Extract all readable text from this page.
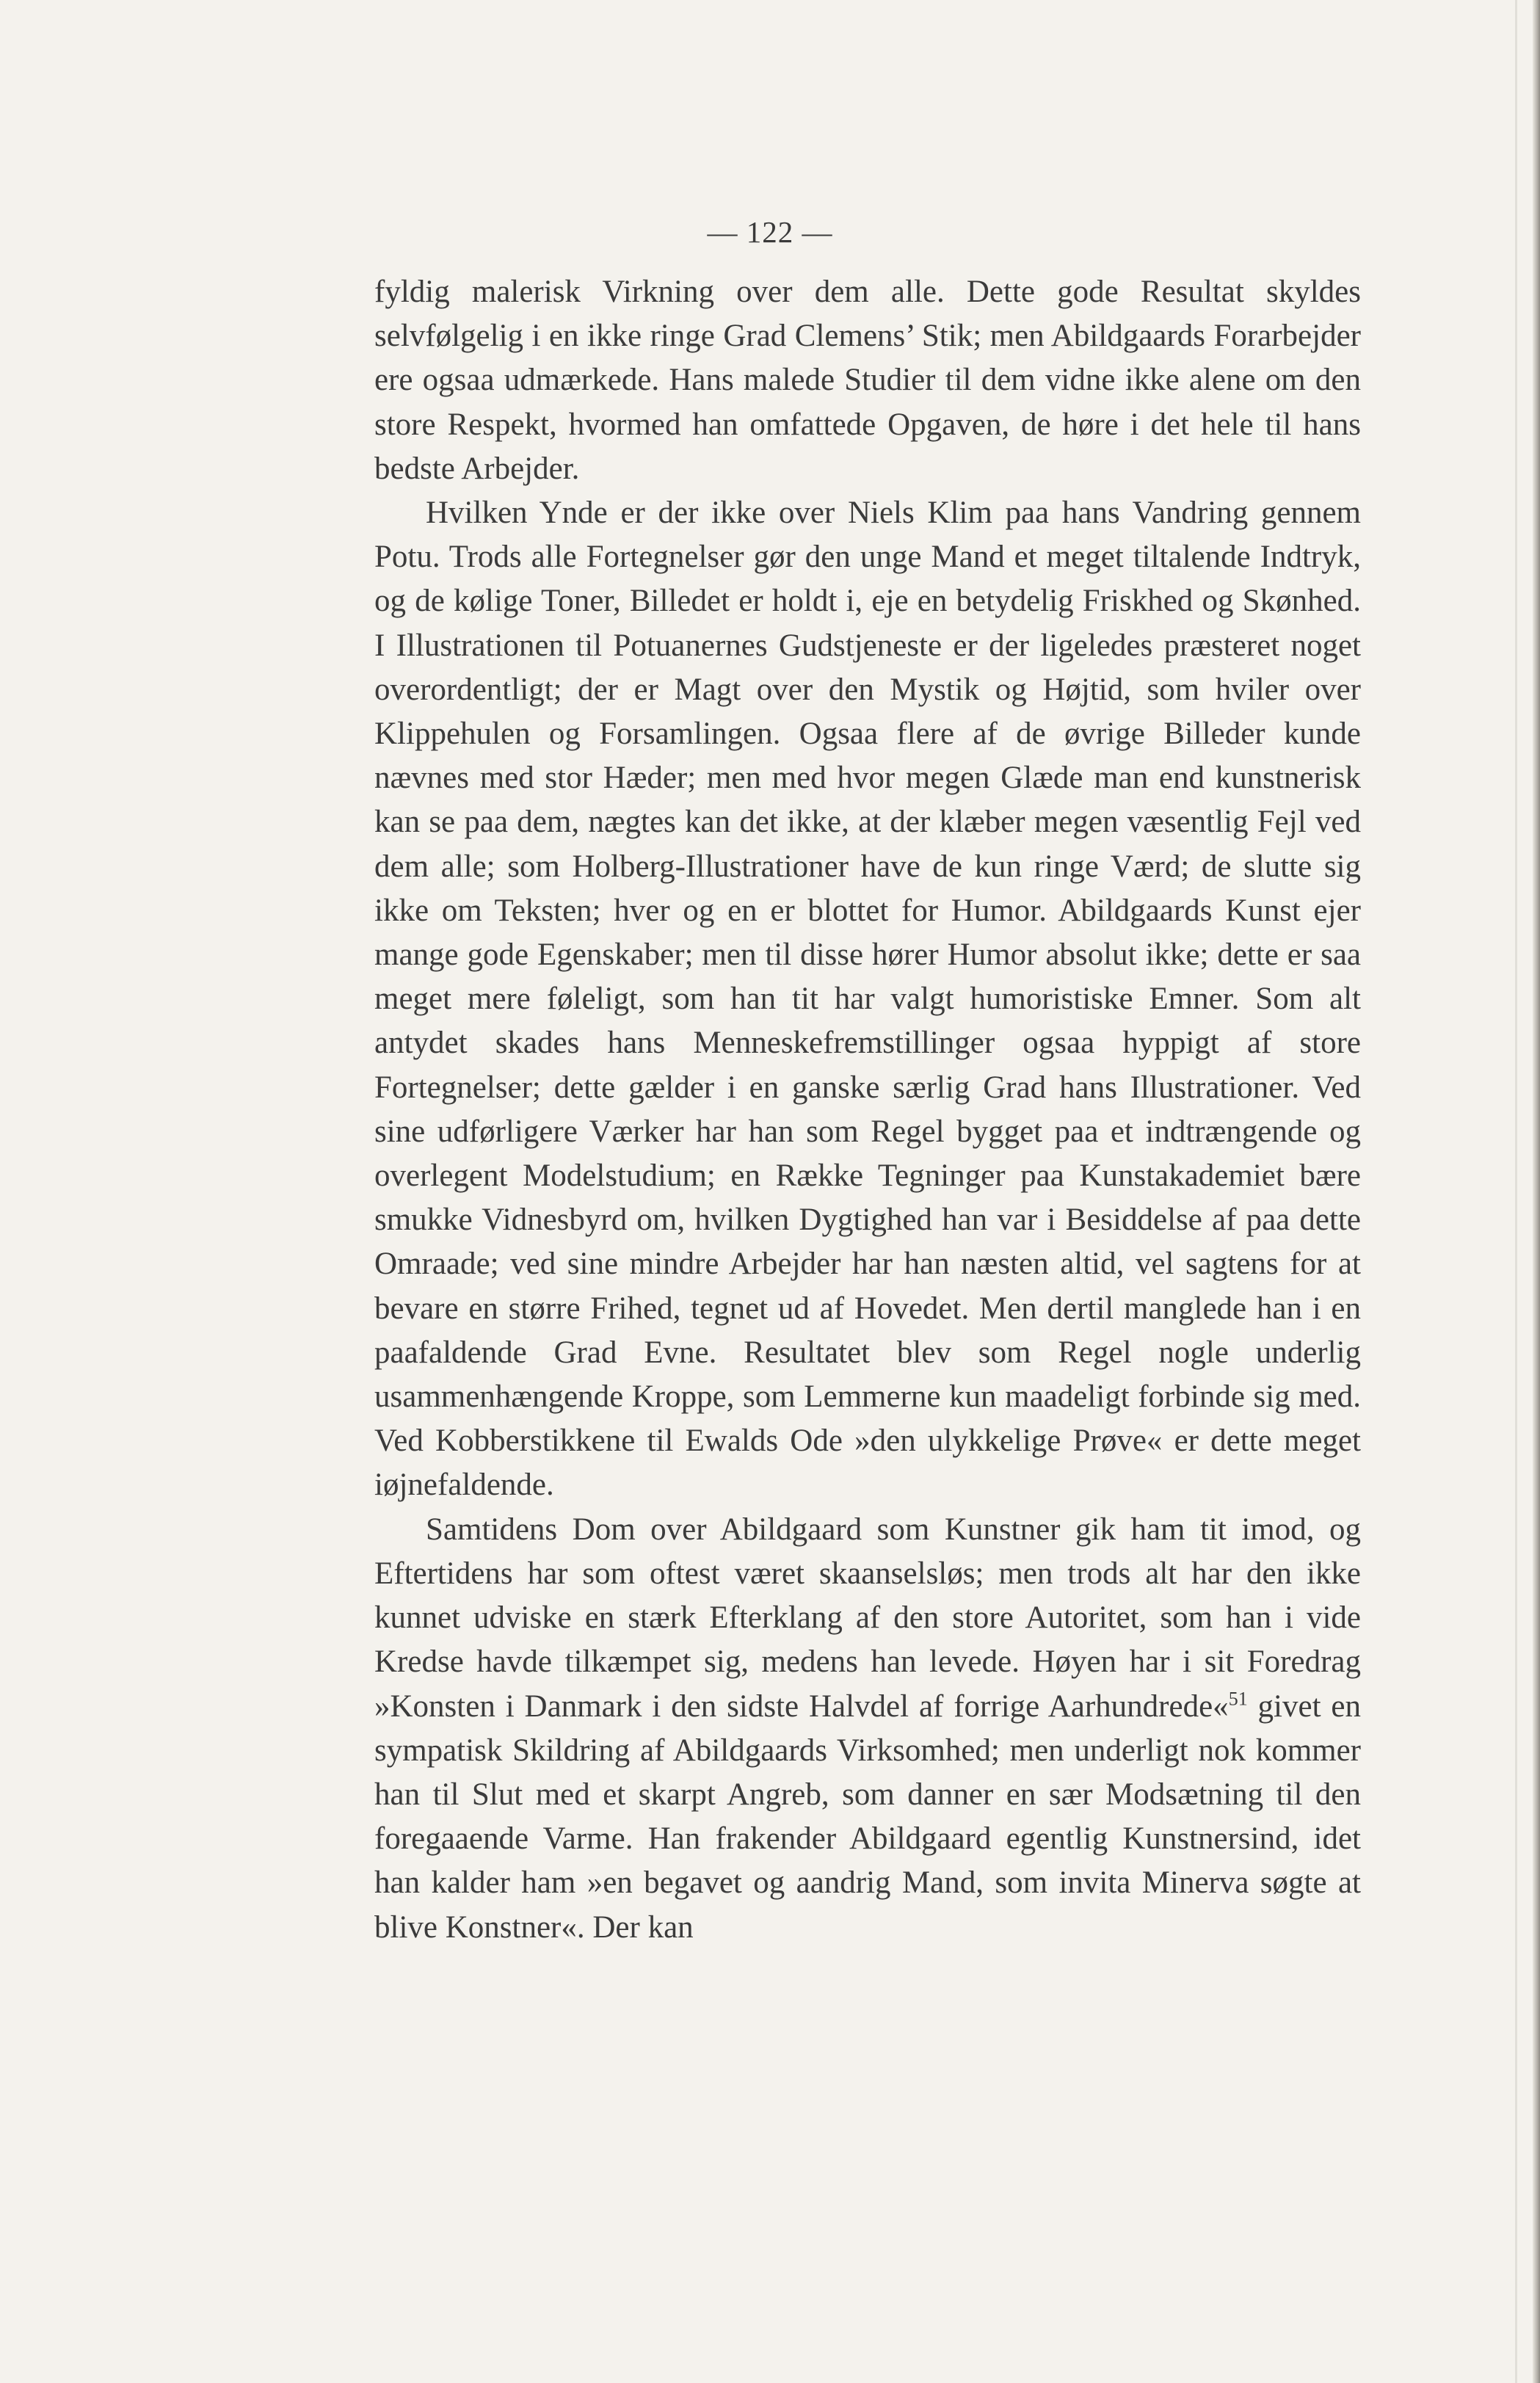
— 122 —

fyldig malerisk Virkning over dem alle. Dette gode Resultat skyldes selvfølgelig i en ikke ringe Grad Clemens’ Stik; men Abildgaards Forarbejder ere ogsaa udmærkede. Hans malede Studier til dem vidne ikke alene om den store Respekt, hvormed han omfattede Opgaven, de høre i det hele til hans bedste Arbejder.

Hvilken Ynde er der ikke over Niels Klim paa hans Vandring gennem Potu. Trods alle Fortegnelser gør den unge Mand et meget tiltalende Indtryk, og de kølige Toner, Billedet er holdt i, eje en betydelig Friskhed og Skønhed. I Illustrationen til Potuanernes Gudstjeneste er der ligeledes præsteret noget overordentligt; der er Magt over den Mystik og Højtid, som hviler over Klippehulen og Forsamlingen. Ogsaa flere af de øvrige Billeder kunde nævnes med stor Hæder; men med hvor megen Glæde man end kunstnerisk kan se paa dem, nægtes kan det ikke, at der klæber megen væsentlig Fejl ved dem alle; som Holberg-Illustrationer have de kun ringe Værd; de slutte sig ikke om Teksten; hver og en er blottet for Humor. Abildgaards Kunst ejer mange gode Egenskaber; men til disse hører Humor absolut ikke; dette er saa meget mere føleligt, som han tit har valgt humoristiske Emner. Som alt antydet skades hans Menneskefremstillinger ogsaa hyppigt af store Fortegnelser; dette gælder i en ganske særlig Grad hans Illustrationer. Ved sine udførligere Værker har han som Regel bygget paa et indtrængende og overlegent Modelstudium; en Række Tegninger paa Kunstakademiet bære smukke Vidnesbyrd om, hvilken Dygtighed han var i Besiddelse af paa dette Omraade; ved sine mindre Arbejder har han næsten altid, vel sagtens for at bevare en større Frihed, tegnet ud af Hovedet. Men dertil manglede han i en paafaldende Grad Evne. Resultatet blev som Regel nogle underlig usammenhængende Kroppe, som Lemmerne kun maadeligt forbinde sig med. Ved Kobberstikkene til Ewalds Ode »den ulykkelige Prøve« er dette meget iøjnefaldende.

Samtidens Dom over Abildgaard som Kunstner gik ham tit imod, og Eftertidens har som oftest været skaanselsløs; men trods alt har den ikke kunnet udviske en stærk Efterklang af den store Autoritet, som han i vide Kredse havde tilkæmpet sig, medens han levede. Høyen har i sit Foredrag »Konsten i Danmark i den sidste Halvdel af forrige Aarhundrede«$^{51}$ givet en sympatisk Skildring af Abildgaards Virksomhed; men underligt nok kommer han til Slut med et skarpt Angreb, som danner en sær Modsætning til den foregaaende Varme. Han frakender Abildgaard egentlig Kunstnersind, idet han kalder ham »en begavet og aandrig Mand, som invita Minerva søgte at blive Konstner«. Der kan
